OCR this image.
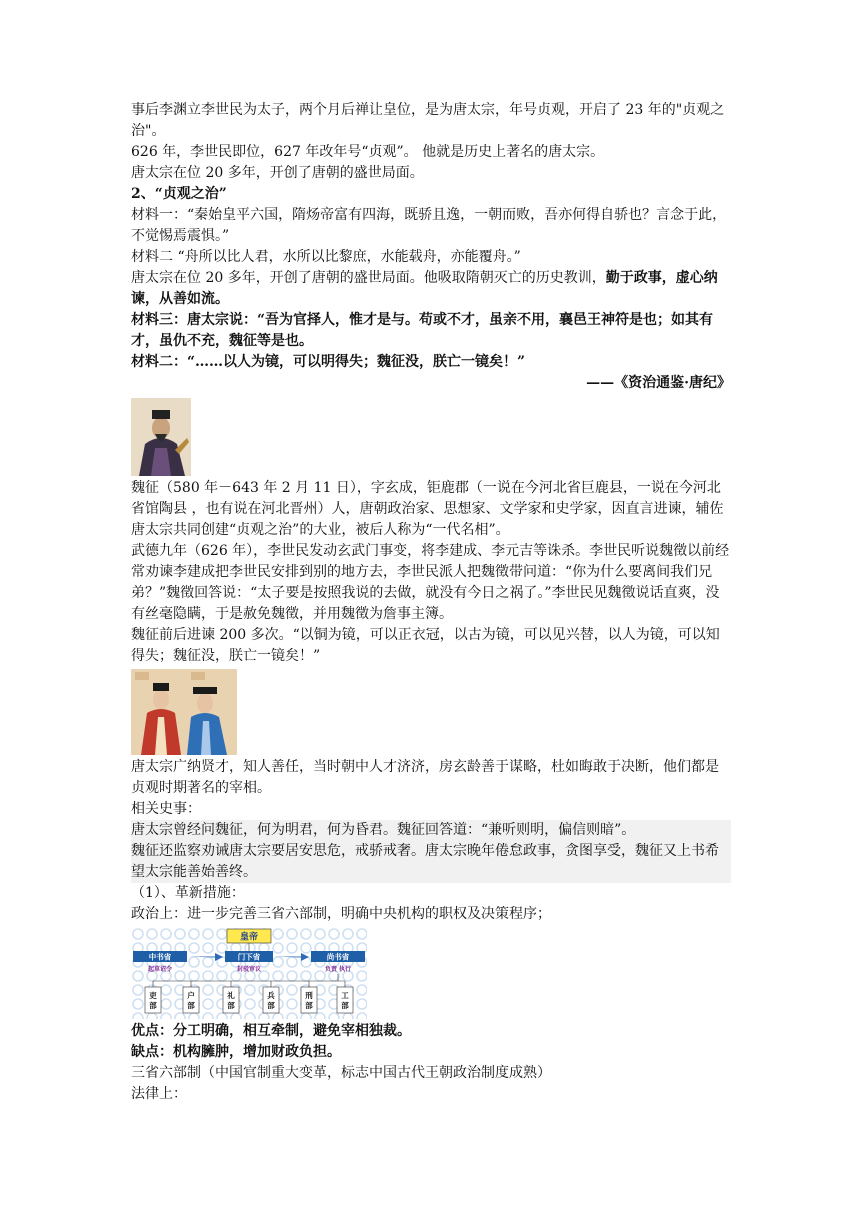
事后李渊立李世民为太子，两个月后禅让皇位，是为唐太宗，年号贞观，开启了 23 年的"贞观之治"。

626 年，李世民即位，627 年改年号“贞观”。 他就是历史上著名的唐太宗。

唐太宗在位 20 多年，开创了唐朝的盛世局面。

2、“贞观之治”

材料一：“秦始皇平六国，隋炀帝富有四海，既骄且逸，一朝而败，吾亦何得自骄也？言念于此，不觉惕焉震惧。”

材料二 “舟所以比人君，水所以比黎庶，水能载舟，亦能覆舟。”

唐太宗在位 20 多年，开创了唐朝的盛世局面。他吸取隋朝灭亡的历史教训，勤于政事，虚心纳谏，从善如流。

材料三：唐太宗说：“吾为官择人，惟才是与。苟或不才，虽亲不用，襄邑王神符是也；如其有才，虽仇不充，魏征等是也。

材料二：“……以人为镜，可以明得失；魏征没，朕亡一镜矣！”

——《资治通鉴·唐纪》

魏征（580 年－643 年 2 月 11 日），字玄成，钜鹿郡（一说在今河北省巨鹿县，一说在今河北省馆陶县 ，也有说在河北晋州）人，唐朝政治家、思想家、文学家和史学家，因直言进谏，辅佐唐太宗共同创建“贞观之治”的大业，被后人称为“一代名相”。

武德九年（626 年），李世民发动玄武门事变，将李建成、李元吉等诛杀。李世民听说魏徵以前经常劝谏李建成把李世民安排到别的地方去，李世民派人把魏徵带问道：“你为什么要离间我们兄弟？”魏徵回答说：“太子要是按照我说的去做，就没有今日之祸了。”李世民见魏徵说话直爽，没有丝毫隐瞒，于是赦免魏徵，并用魏徵为詹事主簿。

魏征前后进谏 200 多次。“以铜为镜，可以正衣冠，以古为镜，可以见兴替，以人为镜，可以知得失；魏征没，朕亡一镜矣！”

唐太宗广纳贤才，知人善任，当时朝中人才济济，房玄龄善于谋略，杜如晦敢于决断，他们都是贞观时期著名的宰相。

相关史事：

唐太宗曾经问魏征，何为明君，何为昏君。魏征回答道：“兼听则明，偏信则暗”。

魏征还监察劝诫唐太宗要居安思危，戒骄戒奢。唐太宗晚年倦怠政事，贪图享受，魏征又上书希望太宗能善始善终。

（1）、革新措施：

政治上：进一步完善三省六部制，明确中央机构的职权及决策程序；

皇帝
中书省
起草诏令
门下省
封驳审议
尚书省
负责 执行
吏
部
户
部
礼
部
兵
部
刑
部
工
部

优点：分工明确，相互牵制，避免宰相独裁。

缺点：机构臃肿，增加财政负担。

三省六部制（中国官制重大变革，标志中国古代王朝政治制度成熟）

法律上：
